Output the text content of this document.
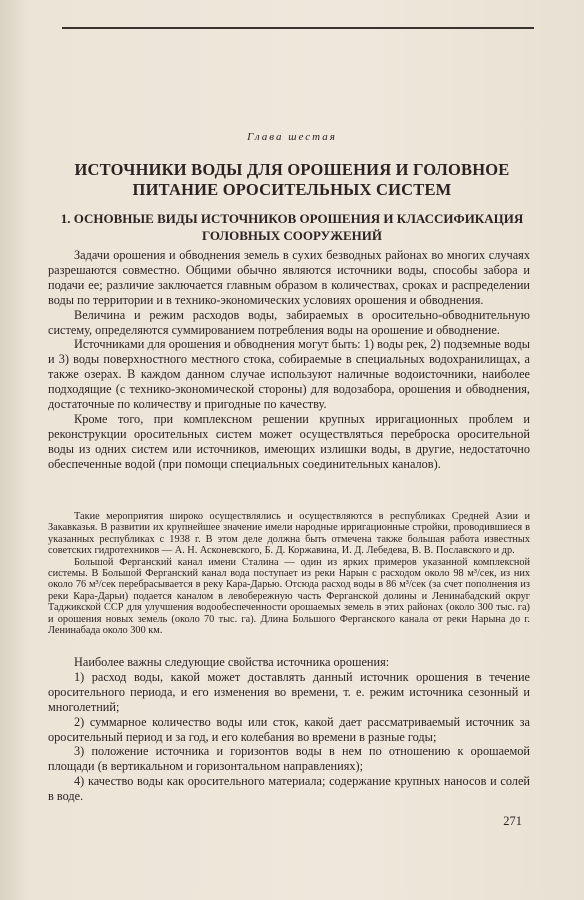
Глава шестая
ИСТОЧНИКИ ВОДЫ ДЛЯ ОРОШЕНИЯ И ГОЛОВНОЕ ПИТАНИЕ ОРОСИТЕЛЬНЫХ СИСТЕМ
1. ОСНОВНЫЕ ВИДЫ ИСТОЧНИКОВ ОРОШЕНИЯ И КЛАССИФИКАЦИЯ ГОЛОВНЫХ СООРУЖЕНИЙ

Задачи орошения и обводнения земель в сухих безводных районах во многих случаях разрешаются совместно. Общими обычно являются источники воды, способы забора и подачи ее; различие заключается главным образом в количествах, сроках и распределении воды по территории и в технико-экономических условиях орошения и обводнения.

Величина и режим расходов воды, забираемых в оросительно-обводнительную систему, определяются суммированием потребления воды на орошение и обводнение.

Источниками для орошения и обводнения могут быть: 1) воды рек, 2) подземные воды и 3) воды поверхностного местного стока, собираемые в специальных водохранилищах, а также озерах. В каждом данном случае используют наличные водоисточники, наиболее подходящие (с технико-экономической стороны) для водозабора, орошения и обводнения, достаточные по количеству и пригодные по качеству.

Кроме того, при комплексном решении крупных ирригационных проблем и реконструкции оросительных систем может осуществляться переброска оросительной воды из одних систем или источников, имеющих излишки воды, в другие, недостаточно обеспеченные водой (при помощи специальных соединительных каналов).

Такие мероприятия широко осуществлялись и осуществляются в республиках Средней Азии и Закавказья. В развитии их крупнейшее значение имели народные ирригационные стройки, проводившиеся в указанных республиках с 1938 г. В этом деле должна быть отмечена также большая работа известных советских гидротехников — А. Н. Асконевского, Б. Д. Коржавина, И. Д. Лебедева, В. В. Пославского и др.

Большой Ферганский канал имени Сталина — один из ярких примеров указанной комплексной системы. В Большой Ферганский канал вода поступает из реки Нарын с расходом около 98 м³/сек, из них около 76 м³/сек перебрасывается в реку Кара-Дарью. Отсюда расход воды в 86 м³/сек (за счет пополнения из реки Кара-Дарьи) подается каналом в левобережную часть Ферганской долины и Ленинабадский округ Таджикской ССР для улучшения водообеспеченности орошаемых земель в этих районах (около 300 тыс. га) и орошения новых земель (около 70 тыс. га). Длина Большого Ферганского канала от реки Нарына до г. Ленинабада около 300 км.

Наиболее важны следующие свойства источника орошения:

1) расход воды, какой может доставлять данный источник орошения в течение оросительного периода, и его изменения во времени, т. е. режим источника сезонный и многолетний;

2) суммарное количество воды или сток, какой дает рассматриваемый источник за оросительный период и за год, и его колебания во времени в разные годы;

3) положение источника и горизонтов воды в нем по отношению к орошаемой площади (в вертикальном и горизонтальном направлениях);

4) качество воды как оросительного материала; содержание крупных наносов и солей в воде.

271
